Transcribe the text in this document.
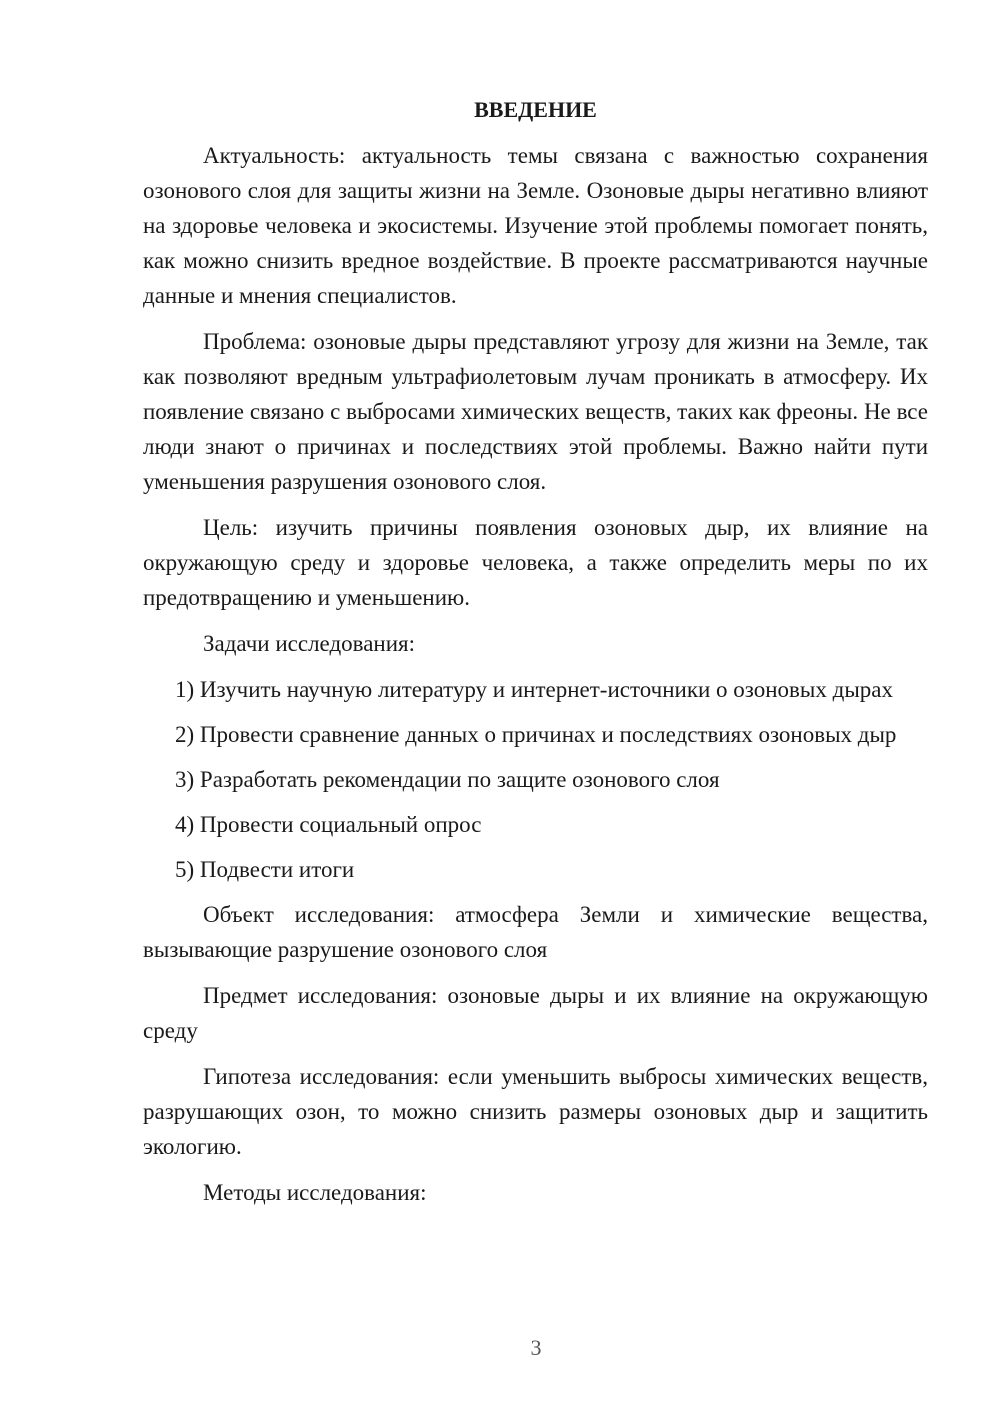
ВВЕДЕНИЕ

Актуальность: актуальность темы связана с важностью сохранения озонового слоя для защиты жизни на Земле. Озоновые дыры негативно влияют на здоровье человека и экосистемы. Изучение этой проблемы помогает понять, как можно снизить вредное воздействие. В проекте рассматриваются научные данные и мнения специалистов.

Проблема: озоновые дыры представляют угрозу для жизни на Земле, так как позволяют вредным ультрафиолетовым лучам проникать в атмосферу. Их появление связано с выбросами химических веществ, таких как фреоны. Не все люди знают о причинах и последствиях этой проблемы. Важно найти пути уменьшения разрушения озонового слоя.

Цель: изучить причины появления озоновых дыр, их влияние на окружающую среду и здоровье человека, а также определить меры по их предотвращению и уменьшению.

Задачи исследования:

1) Изучить научную литературу и интернет-источники о озоновых дырах

2) Провести сравнение данных о причинах и последствиях озоновых дыр

3) Разработать рекомендации по защите озонового слоя

4) Провести социальный опрос

5) Подвести итоги

Объект исследования: атмосфера Земли и химические вещества, вызывающие разрушение озонового слоя

Предмет исследования: озоновые дыры и их влияние на окружающую среду

Гипотеза исследования: если уменьшить выбросы химических веществ, разрушающих озон, то можно снизить размеры озоновых дыр и защитить экологию.

Методы исследования:

3
